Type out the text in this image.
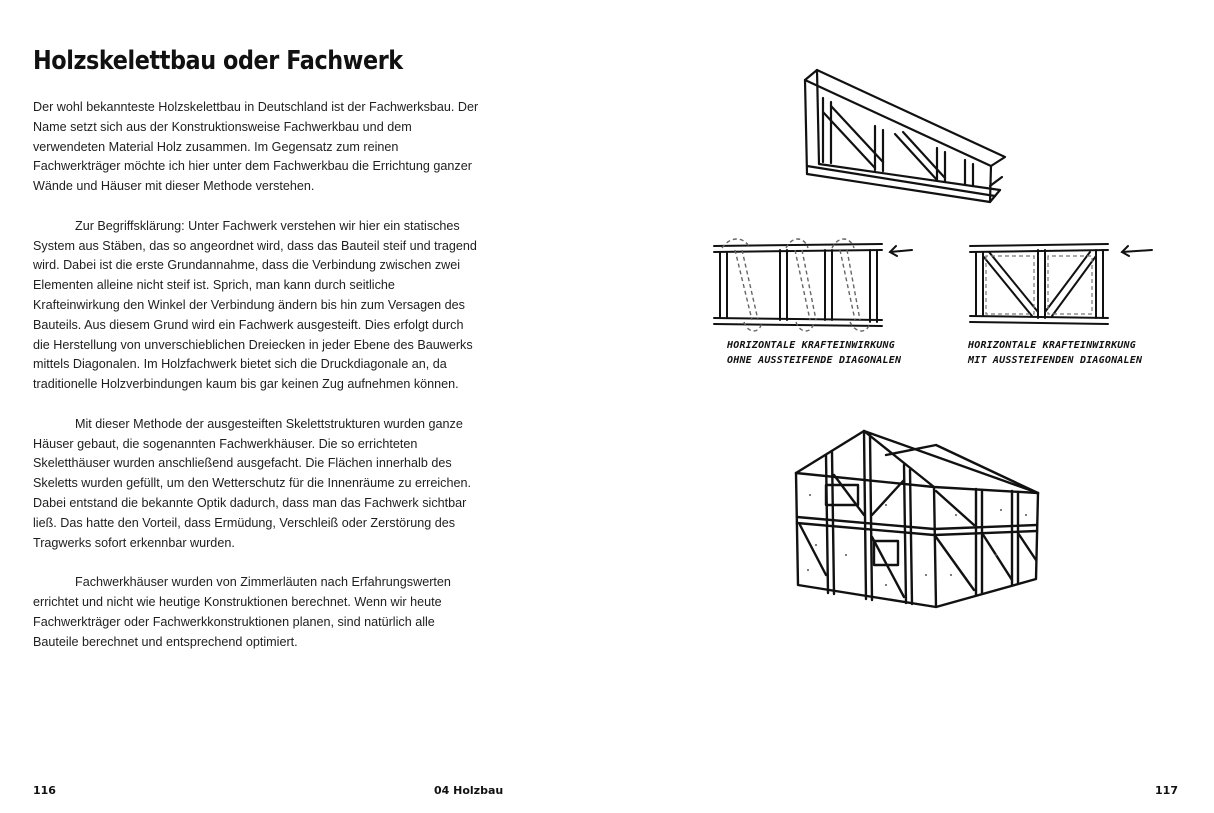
Holzskelettbau oder Fachwerk

Der wohl bekannteste Holzskelettbau in Deutschland ist der Fachwerksbau. Der Name setzt sich aus der Konstruktionsweise Fachwerkbau und dem verwendeten Material Holz zusammen. Im Gegensatz zum reinen Fachwerkträger möchte ich hier unter dem Fachwerkbau die Errichtung ganzer Wände und Häuser mit dieser Methode verstehen.

Zur Begriffsklärung: Unter Fachwerk verstehen wir hier ein statisches System aus Stäben, das so angeordnet wird, dass das Bauteil steif und tragend wird. Dabei ist die erste Grundannahme, dass die Verbindung zwischen zwei Elementen alleine nicht steif ist. Sprich, man kann durch seitliche Krafteinwirkung den Winkel der Verbindung ändern bis hin zum Versagen des Bauteils. Aus diesem Grund wird ein Fachwerk ausgesteift. Dies erfolgt durch die Herstellung von unverschieblichen Dreiecken in jeder Ebene des Bauwerks mittels Diagonalen. Im Holzfachwerk bietet sich die Druckdiagonale an, da traditionelle Holzverbindungen kaum bis gar keinen Zug aufnehmen können.

Mit dieser Methode der ausgesteiften Skelettstrukturen wurden ganze Häuser gebaut, die sogenannten Fachwerkhäuser. Die so errichteten Skeletthäuser wurden anschließend ausgefacht. Die Flächen innerhalb des Skeletts wurden gefüllt, um den Wetterschutz für die Innenräume zu erreichen. Dabei entstand die bekannte Optik dadurch, dass man das Fachwerk sichtbar ließ. Das hatte den Vorteil, dass Ermüdung, Verschleiß oder Zerstörung des Tragwerks sofort erkennbar wurden.

Fachwerkhäuser wurden von Zimmerläuten nach Erfahrungswerten errichtet und nicht wie heutige Konstruktionen berechnet. Wenn wir heute Fachwerkträger oder Fachwerkkonstruktionen planen, sind natürlich alle Bauteile berechnet und entsprechend optimiert.

HORIZONTALE KRAFTEINWIRKUNG
OHNE AUSSTEIFENDE DIAGONALEN
HORIZONTALE KRAFTEINWIRKUNG
MIT AUSSTEIFENDEN DIAGONALEN
116	04 Holzbau	117
